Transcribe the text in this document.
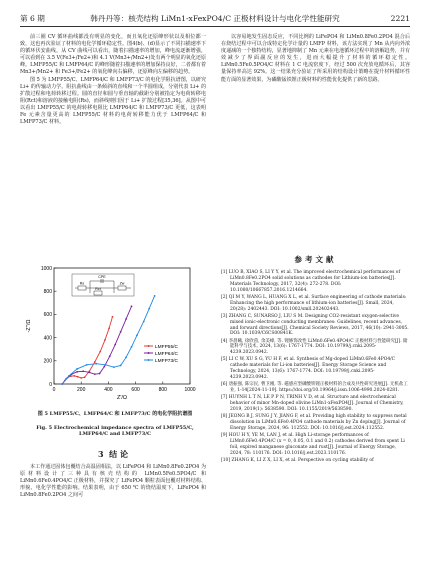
第 6 期	韩丹丹等：核壳结构 LiMn1-xFexPO4/C 正极材料设计与电化学性能研究	2221

前三圈 CV 循环曲线都没有明显的变化，而且氧化还原峰形状以及相位都一致，这也再次验证了材料的电化学循环稳定性。图4(b)、(d)显示了不同扫描速率下的循环伏安曲线，从 CV 曲线可以看出，随着扫描速率的增加，峰电流逐渐增强，可以看到在 3.5 V(Fe3+/Fe2+)和 4.1 V(Mn3+/Mn2+)处有两个明显的氧化还原峰。LMFP55/C 和 LMFP64/C 的峰形随着扫描速率的增加保持良好，二者都有着 Mn3+/Mn2+ 和 Fe3+/Fe2+ 的氧化峰向右偏移，还原峰向左偏移的趋势。

图 5 为 LMFP55/C、LMFP64/C 和 LMFP73/C 的电化学阻抗谱图，以研究 Li+ 的传输动力学。阻抗曲线由一条倾斜的直线和一个半圆组成，分别代表 Li+ 的扩散过程和电荷转移过程。圆的直径和圆与垂直轴的截距分别被指定为电荷转移电阻(Rct)和溶液的接触电阻(Rs)，而斜线则归因于 Li+ 扩散过程[35,36]。从图中可以看出 LMFP55/C 的电荷转移电阻比 LMFP64/C 和 LMFP73/C 更低，这表明 Fe 元素含量更高的 LMFP55/C 材料的电荷转移能力优于 LMFP64/C 和 LMFP73/C 材料。

0	200	400	600	800	1000
0
200
400
600
800
1000
Z'/Ω
-Z''/Ω
LMFP55/C
LMFP64/C
LMFP73/C
Rs
CPE
Rct
Zw
图 5 LMFP55/C、LMFP64/C 和 LMFP73/C 的电化学阻抗谱图
Fig. 5 Electrochemical impedance spectra of LMFP55/C, LMFP64/C and LMFP73/C
3 结 论

本工作通过固体包覆结合高温固相法，以 LiFePO4 和 LiMn0.8Fe0.2PO4 为原材料设计了三种具有核壳结构的 LiMn0.5Fe0.5PO4/C 和 LiMn0.6Fe0.4PO4/C 正极材料，并探究了 LiFePO4 颗粒表面包覆对材料结构、形貌、电化学性能的影响。结果表明，由于 650 ℃ 的烧结温度下，LiFePO4 和 LiMn0.8Fe0.2PO4 之间可

以容易地发生固态反应，不同比例的 LiFePO4 和 LiMn0.8Fe0.2PO4 混合后在烧结过程中可以合成特定化学计量的 LMFP 材料，该方法实现了 Mn 从内向外浓度递减的一个独特结构，显著地抑制了 Mn 元素在电池循环过程中的溶解趋势，并有效减少了界面副反应的发生，进而大幅提升了材料的循环稳定性。LiMn0.5Fe0.5PO4/C 材料在 1 C 电流密度下，经过 500 次充放电循环后，其容量保持率高达 92%。这一结果充分验证了所采用的结构设计策略在提升材料循环性能方面的显著效果，为磷酸锰铁锂正极材料的性能优化提供了新的思路。

参考文献
[1] LUO B, XIAO S, LI Y Y, et al. The improved electrochemical performances of LiMn0.8Fe0.2PO4 solid solutions as cathodes for Lithium-ion batteries[J]. Materials Technology, 2017, 32(4): 272-278. DOI: 10.1080/10667857.2016.1214664.
[2] QI M Y, WANG L, HUANG X L, et al. Surface engineering of cathode materials: Enhancing the high performance of lithium-ion batteries[J]. Small, 2024, 20(28): 2402443. DOI: 10.1002/smll.202402443.
[3] ZHANG C, SUNARSO J, LIU S M. Designing CO2-resistant oxygen-selective mixed ionic-electronic conducting membranes: Guidelines, recent advances, and forward directions[J]. Chemical Society Reviews, 2017, 46(10): 2941-3005. DOI: 10.1039/C6CS00841K.
[4] 李晨曦, 徐欣茵, 余美峰, 等. 锂修饰改性 LiMn0.6Fe0.4PO4/C 正极材料与性能研究[J]. 储能科学与技术, 2024, 13(6): 1767-1774. DOI: 10.19799/j.cnki.2095-4239.2023.0942.
[5] LI C W, XU S G, YU H F, et al. Synthesis of Mg-doped LiMn0.6Fe0.4PO4/C cathode materials for Li-ion batteries[J]. Energy Storage Science and Technology, 2024, 13(6): 1767-1774. DOI: 10.19799/j.cnki.2095-4239.2023.0942.
[6] 唐振强, 陈宗民, 曹卫刚, 等. 磁感应型磷酸铁锂正极材料的合成及共性研究进展[J]. 无机盐工业, 1-14[2024-11-19]. https://doi.org/10.19964/j.issn.1006-4990.2024-0281.
[7] HUYNH L T N, LE P P N, TRINH V D, et al. Structure and electrochemical behavior of minor Mn-doped olivine LiMn1-xFexPO4[J]. Journal of Chemistry, 2019, 2019(1): 5638590. DOI: 10.1155/2019/5638590.
[8] JEONG B J, SUNG J Y, JIANG F, et al. Providing high stability to suppress metal dissolution in LiMn0.6Fe0.4PO4 cathode materials by Zn doping[J]. Journal of Energy Storage, 2024, 96: 112552. DOI: 10.1016/j.est.2024.112552.
[9] HOU H Y, YE M, LAN J, et al. High Li-storage performances of LiMn0.6Fe0.4PO4/C (x = 0, 0.05, 0.1 and 0.2) cathodes derived from spent Li foil, expired manganese gluconate and rust[J]. Journal of Energy Storage, 2024, 78: 110176. DOI: 10.1016/j.est.2023.110176.
[10] ZHANG K, LI Z X, LI X, et al. Perspective on cycling stability of
